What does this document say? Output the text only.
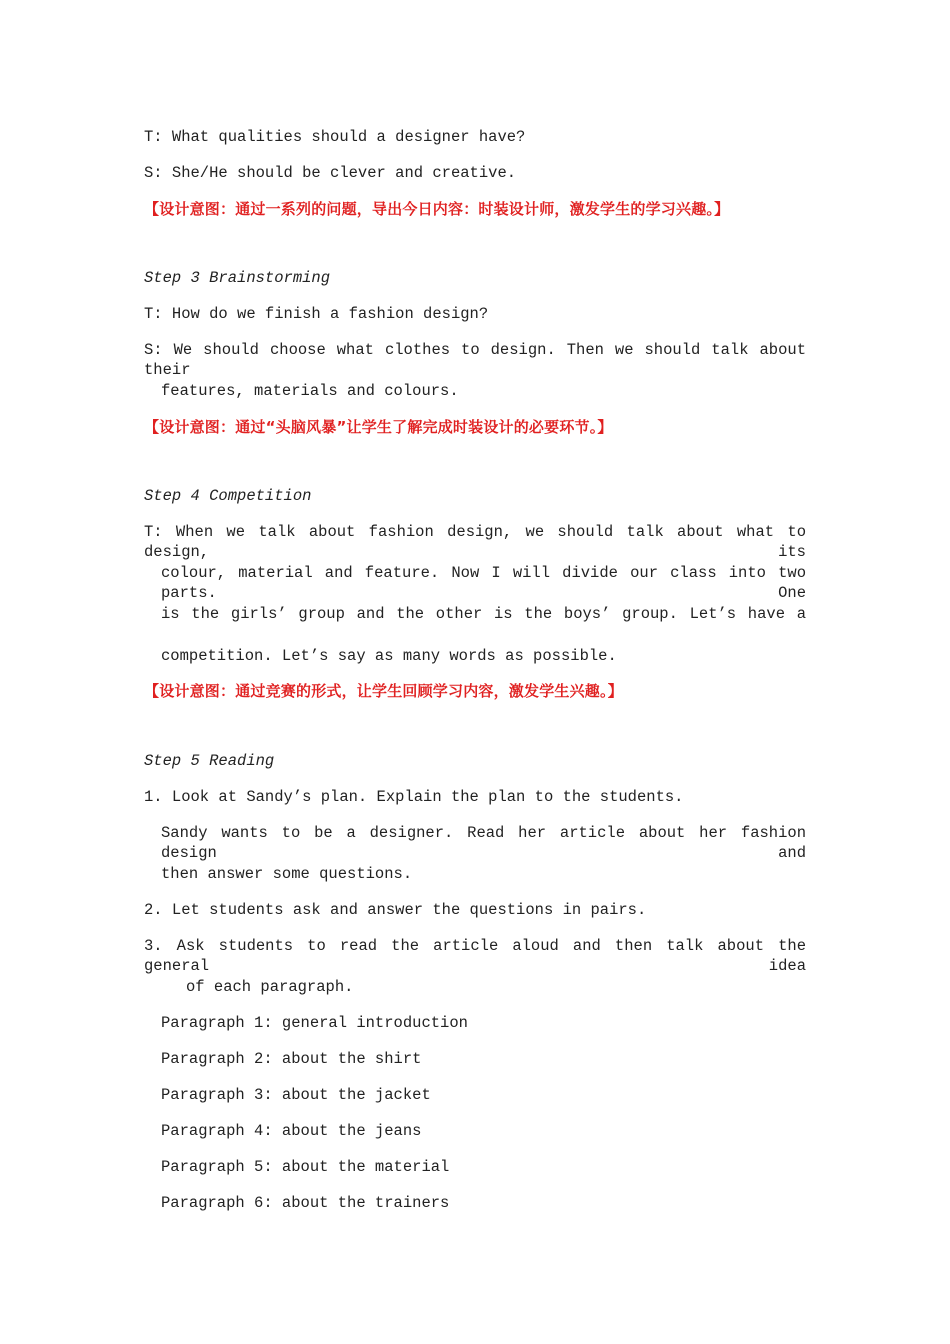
T: What qualities should a designer have?
S: She/He should be clever and creative.
【设计意图：通过一系列的问题，导出今日内容：时装设计师，激发学生的学习兴趣。】
Step 3 Brainstorming
T: How do we finish a fashion design?
S: We should choose what clothes to design. Then we should talk about their
features, materials and colours.
【设计意图：通过“头脑风暴”让学生了解完成时装设计的必要环节。】
Step 4 Competition
T: When we talk about fashion design, we should talk about what to design, its
colour, material and feature. Now I will divide our class into two parts. One
is the girls’ group and the other is the boys’ group. Let’s have a
competition. Let’s say as many words as possible.
【设计意图：通过竞赛的形式，让学生回顾学习内容，激发学生兴趣。】
Step 5 Reading
1. Look at Sandy’s plan. Explain the plan to the students.
Sandy wants to be a designer. Read her article about her fashion design and
then answer some questions.
2. Let students ask and answer the questions in pairs.
3. Ask students to read the article aloud and then talk about the general idea
of each paragraph.
Paragraph 1: general introduction
Paragraph 2: about the shirt
Paragraph 3: about the jacket
Paragraph 4: about the jeans
Paragraph 5: about the material
Paragraph 6: about the trainers
